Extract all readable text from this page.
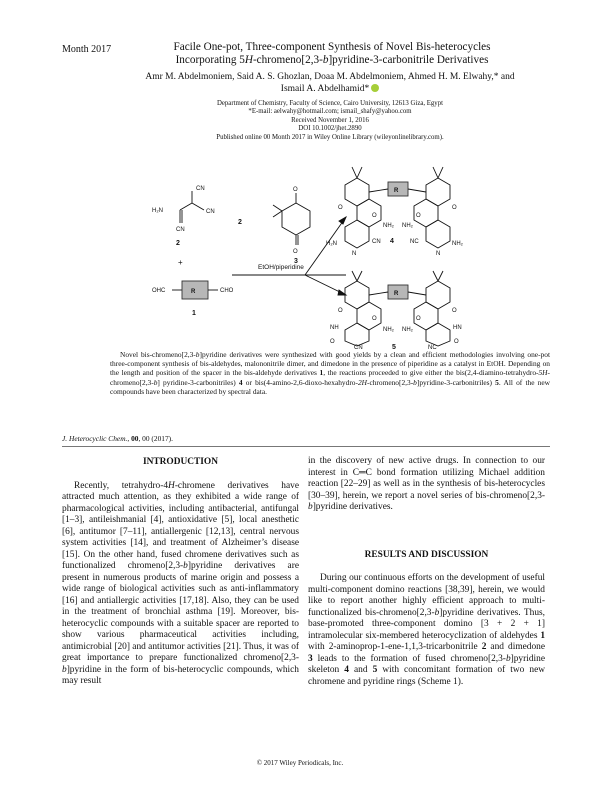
Month 2017	Facile One-pot, Three-component Synthesis of Novel Bis-heterocycles
Incorporating 5H-chromeno[2,3-b]pyridine-3-carbonitrile Derivatives
Amr M. Abdelmoniem, Said A. S. Ghozlan, Doaa M. Abdelmoniem, Ahmed H. M. Elwahy,* and
Ismail A. Abdelhamid*
Department of Chemistry, Faculty of Science, Cairo University, 12613 Giza, Egypt
*E-mail: aelwahy@hotmail.com; ismail_shafy@yahoo.com
Received November 1, 2016
DOI 10.1002/jhet.2890
Published online 00 Month 2017 in Wiley Online Library (wileyonlinelibrary.com).
H₂N
CN
CN
CN
2
+
OHC	R	CHO
1
O
O
3
2
EtOH/piperidine
R
O
O	O
O
NH₂ NH₂
N	N
H₂N	NH₂
CN	NC
4
R
O	O
O	O
NH₂ NH₂
NH	HN
CN	NC
O	O
5

Novel bis-chromeno[2,3-b]pyridine derivatives were synthesized with good yields by a clean and efficient methodologies involving one-pot three-component synthesis of bis-aldehydes, malononitrile dimer, and dimedone in the presence of piperidine as a catalyst in EtOH. Depending on the length and position of the spacer in the bis-aldehyde derivatives 1, the reactions proceeded to give either the bis(2,4-diamino-tetrahydro-5H-chromeno[2,3-b] pyridine-3-carbonitriles) 4 or bis(4-amino-2,6-dioxo-hexahydro-2H-chromeno[2,3-b]pyridine-3-carbonitriles) 5. All of the new compounds have been characterized by spectral data.

J. Heterocyclic Chem., 00, 00 (2017).
INTRODUCTION

Recently, tetrahydro-4H-chromene derivatives have attracted much attention, as they exhibited a wide range of pharmacological activities, including antibacterial, antifungal [1–3], antileishmanial [4], antioxidative [5], local anesthetic [6], antitumor [7–11], antiallergenic [12,13], central nervous system activities [14], and treatment of Alzheimer’s disease [15]. On the other hand, fused chromene derivatives such as functionalized chromeno[2,3-b]pyridine derivatives are present in numerous products of marine origin and possess a wide range of biological activities such as anti-inflammatory [16] and antiallergic activities [17,18]. Also, they can be used in the treatment of bronchial asthma [19]. Moreover, bis-heterocyclic compounds with a suitable spacer are reported to show various pharmaceutical activities including, antimicrobial [20] and antitumor activities [21]. Thus, it was of great importance to prepare functionalized chromeno[2,3-b]pyridine in the form of bis-heterocyclic compounds, which may result

in the discovery of new active drugs. In connection to our interest in C═C bond formation utilizing Michael addition reaction [22–29] as well as in the synthesis of bis-heterocycles [30–39], herein, we report a novel series of bis-chromeno[2,3-b]pyridine derivatives.

RESULTS AND DISCUSSION

During our continuous efforts on the development of useful multi-component domino reactions [38,39], herein, we would like to report another highly efficient approach to multi-functionalized bis-chromeno[2,3-b]pyridine derivatives. Thus, base-promoted three-component domino [3 + 2 + 1] intramolecular six-membered heterocyclization of aldehydes 1 with 2-aminoprop-1-ene-1,1,3-tricarbonitrile 2 and dimedone 3 leads to the formation of fused chromeno[2,3-b]pyridine skeleton 4 and 5 with concomitant formation of two new chromene and pyridine rings (Scheme 1).

© 2017 Wiley Periodicals, Inc.
